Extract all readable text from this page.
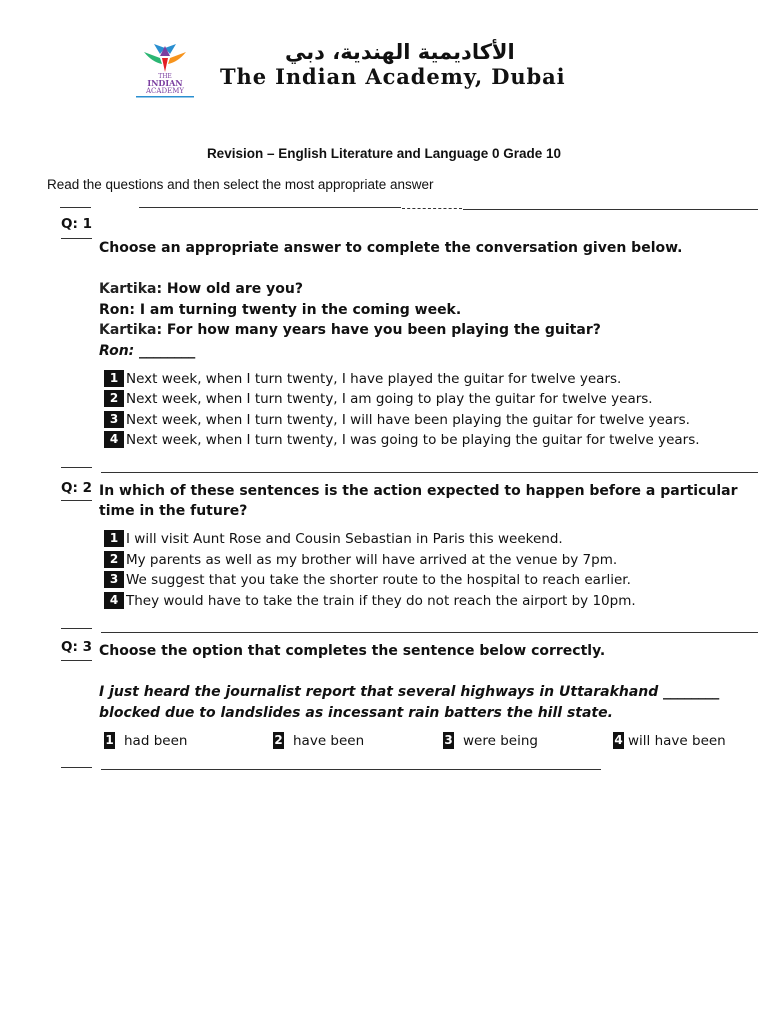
THE
INDIAN
ACADEMY
الأكاديمية الهندية، دبي
The Indian Academy, Dubai
Revision – English Literature and Language 0 Grade 10
Read the questions and then select the most appropriate answer
Q: 1
Choose an appropriate answer to complete the conversation given below.
Kartika: How old are you?
Ron: I am turning twenty in the coming week.
Kartika: For how many years have you been playing the guitar?
Ron: ________
1 Next week, when I turn twenty, I have played the guitar for twelve years.
2 Next week, when I turn twenty, I am going to play the guitar for twelve years.
3 Next week, when I turn twenty, I will have been playing the guitar for twelve years.
4 Next week, when I turn twenty, I was going to be playing the guitar for twelve years.
Q: 2 In which of these sentences is the action expected to happen before a particular time in the future?
1 I will visit Aunt Rose and Cousin Sebastian in Paris this weekend.
2 My parents as well as my brother will have arrived at the venue by 7pm.
3 We suggest that you take the shorter route to the hospital to reach earlier.
4 They would have to take the train if they do not reach the airport by 10pm.
Q: 3 Choose the option that completes the sentence below correctly.
I just heard the journalist report that several highways in Uttarakhand ________ blocked due to landslides as incessant rain batters the hill state.
1 had been	2 have been	3 were being	4 will have been
